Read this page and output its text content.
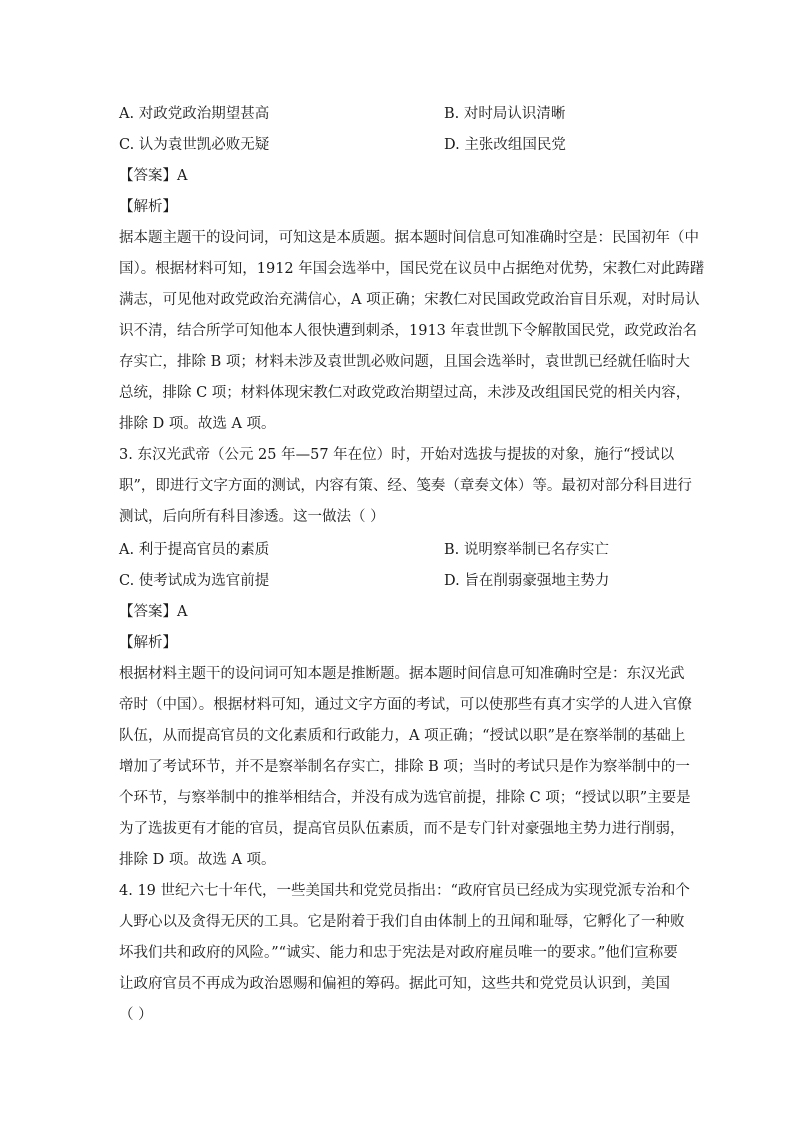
A. 对政党政治期望甚高	B. 对时局认识清晰
C. 认为袁世凯必败无疑	D. 主张改组国民党
【答案】A
【解析】
据本题主题干的设问词，可知这是本质题。据本题时间信息可知准确时空是：民国初年（中
国）。根据材料可知，1912 年国会选举中，国民党在议员中占据绝对优势，宋教仁对此踌躇
满志，可见他对政党政治充满信心，A 项正确；宋教仁对民国政党政治盲目乐观，对时局认
识不清，结合所学可知他本人很快遭到刺杀，1913 年袁世凯下令解散国民党，政党政治名
存实亡，排除 B 项；材料未涉及袁世凯必败问题，且国会选举时，袁世凯已经就任临时大
总统，排除 C 项；材料体现宋教仁对政党政治期望过高，未涉及改组国民党的相关内容，
排除 D 项。故选 A 项。
3. 东汉光武帝（公元 25 年—57 年在位）时，开始对选拔与提拔的对象，施行“授试以
职”，即进行文字方面的测试，内容有策、经、笺奏（章奏文体）等。最初对部分科目进行
测试，后向所有科目渗透。这一做法（ ）
A. 利于提高官员的素质	B. 说明察举制已名存实亡
C. 使考试成为选官前提	D. 旨在削弱豪强地主势力
【答案】A
【解析】
根据材料主题干的设问词可知本题是推断题。据本题时间信息可知准确时空是：东汉光武
帝时（中国）。根据材料可知，通过文字方面的考试，可以使那些有真才实学的人进入官僚
队伍，从而提高官员的文化素质和行政能力，A 项正确；“授试以职”是在察举制的基础上
增加了考试环节，并不是察举制名存实亡，排除 B 项；当时的考试只是作为察举制中的一
个环节，与察举制中的推举相结合，并没有成为选官前提，排除 C 项；“授试以职”主要是
为了选拔更有才能的官员，提高官员队伍素质，而不是专门针对豪强地主势力进行削弱，
排除 D 项。故选 A 项。
4. 19 世纪六七十年代，一些美国共和党党员指出：“政府官员已经成为实现党派专治和个
人野心以及贪得无厌的工具。它是附着于我们自由体制上的丑闻和耻辱，它孵化了一种败
坏我们共和政府的风险。”“诚实、能力和忠于宪法是对政府雇员唯一的要求。”他们宣称要
让政府官员不再成为政治恩赐和偏袒的筹码。据此可知，这些共和党党员认识到，美国
（ ）
